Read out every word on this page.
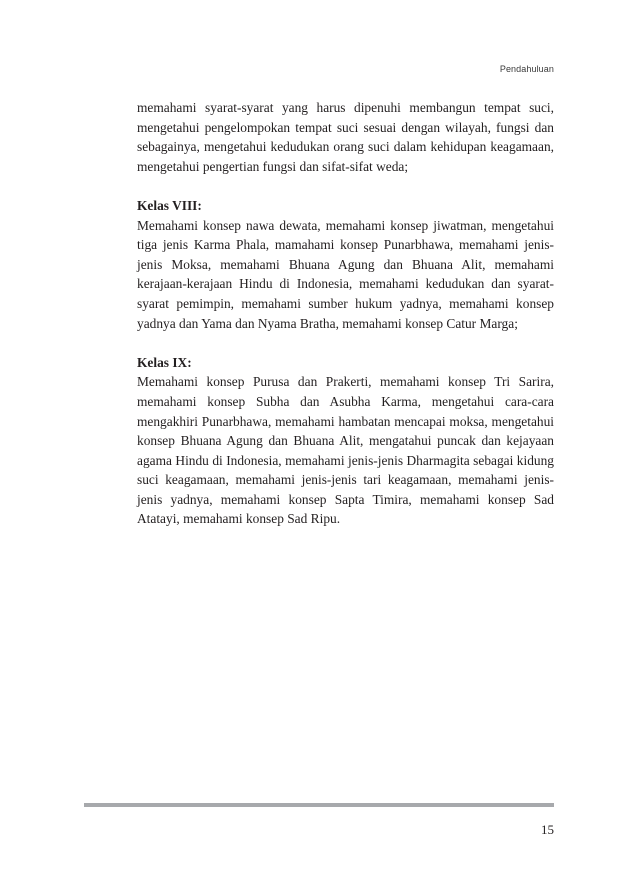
Pendahuluan

memahami syarat-syarat yang harus dipenuhi membangun tempat suci, mengetahui pengelompokan tempat suci sesuai dengan wilayah, fungsi dan sebagainya, mengetahui kedudukan orang suci dalam kehidupan keagamaan, mengetahui pengertian fungsi dan sifat-sifat weda;

Kelas VIII:

Memahami konsep nawa dewata, memahami konsep jiwatman, mengetahui tiga jenis Karma Phala, mamahami konsep Punarbhawa, memahami jenis-jenis Moksa, memahami Bhuana Agung dan Bhuana Alit, memahami kerajaan-kerajaan Hindu di Indonesia, memahami kedudukan dan syarat-syarat pemimpin, memahami sumber hukum yadnya, memahami konsep yadnya dan Yama dan Nyama Bratha, memahami konsep Catur Marga;

Kelas IX:

Memahami konsep Purusa dan Prakerti, memahami konsep Tri Sarira, memahami konsep Subha dan Asubha Karma, mengetahui cara-cara mengakhiri Punarbhawa, memahami hambatan mencapai moksa, mengetahui konsep Bhuana Agung dan Bhuana Alit, mengatahui puncak dan kejayaan agama Hindu di Indonesia, memahami jenis-jenis Dharmagita sebagai kidung suci keagamaan, memahami jenis-jenis tari keagamaan, memahami jenis-jenis yadnya, memahami konsep Sapta Timira, memahami konsep Sad Atatayi, memahami konsep Sad Ripu.

15
